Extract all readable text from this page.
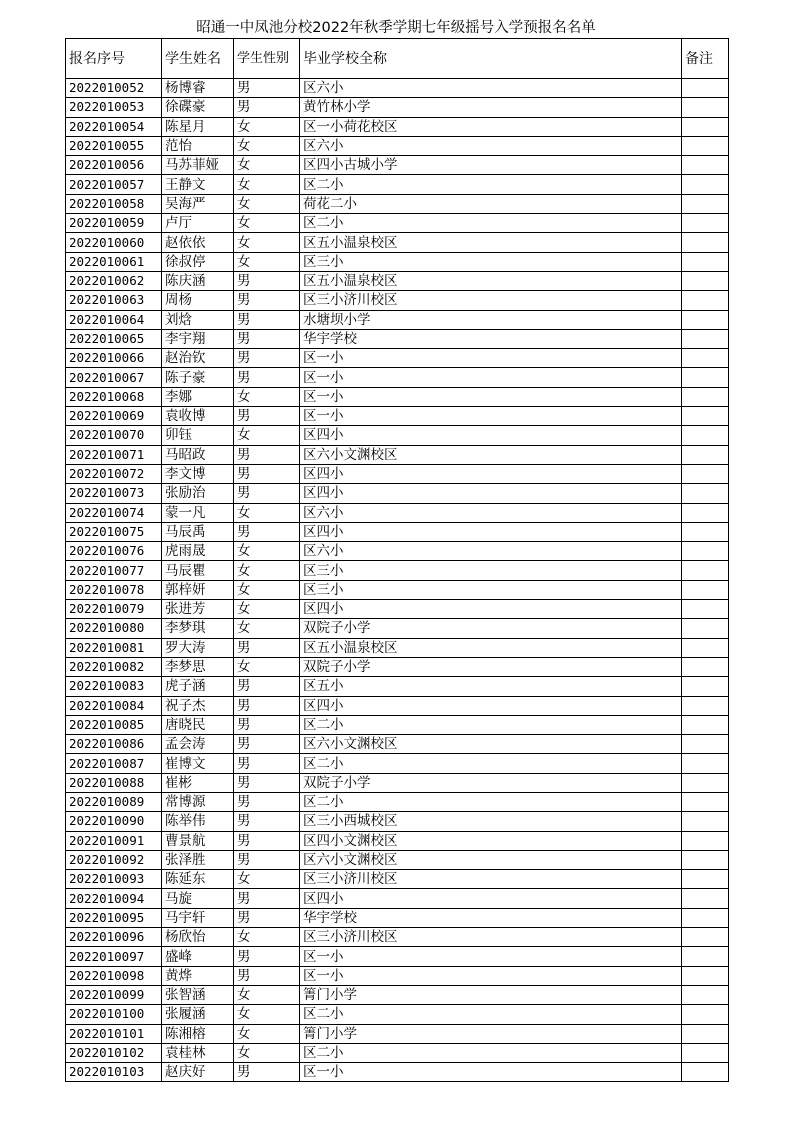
昭通一中凤池分校2022年秋季学期七年级摇号入学预报名名单
报名序号	学生姓名	学生性别	毕业学校全称	备注
2022010052	杨博睿	男	区六小	
2022010053	徐碟豪	男	黄竹林小学	
2022010054	陈星月	女	区一小荷花校区	
2022010055	范怡	女	区六小	
2022010056	马苏菲娅	女	区四小古城小学	
2022010057	王静文	女	区二小	
2022010058	吴海严	女	荷花二小	
2022010059	卢厅	女	区二小	
2022010060	赵依依	女	区五小温泉校区	
2022010061	徐叔停	女	区三小	
2022010062	陈庆涵	男	区五小温泉校区	
2022010063	周杨	男	区三小济川校区	
2022010064	刘焓	男	水塘坝小学	
2022010065	李宇翔	男	华宇学校	
2022010066	赵治钦	男	区一小	
2022010067	陈子豪	男	区一小	
2022010068	李娜	女	区一小	
2022010069	袁收博	男	区一小	
2022010070	卯钰	女	区四小	
2022010071	马昭政	男	区六小文渊校区	
2022010072	李文博	男	区四小	
2022010073	张励治	男	区四小	
2022010074	蒙一凡	女	区六小	
2022010075	马辰禹	男	区四小	
2022010076	虎雨晟	女	区六小	
2022010077	马辰瞿	女	区三小	
2022010078	郭梓妍	女	区三小	
2022010079	张进芳	女	区四小	
2022010080	李梦琪	女	双院子小学	
2022010081	罗大涛	男	区五小温泉校区	
2022010082	李梦思	女	双院子小学	
2022010083	虎子涵	男	区五小	
2022010084	祝子杰	男	区四小	
2022010085	唐晓民	男	区二小	
2022010086	孟会涛	男	区六小文渊校区	
2022010087	崔博文	男	区二小	
2022010088	崔彬	男	双院子小学	
2022010089	常博源	男	区二小	
2022010090	陈举伟	男	区三小西城校区	
2022010091	曹景航	男	区四小文渊校区	
2022010092	张泽胜	男	区六小文渊校区	
2022010093	陈延东	女	区三小济川校区	
2022010094	马旋	男	区四小	
2022010095	马宇轩	男	华宇学校	
2022010096	杨欣怡	女	区三小济川校区	
2022010097	盛峰	男	区一小	
2022010098	黄烨	男	区一小	
2022010099	张智涵	女	箐门小学	
2022010100	张履涵	女	区二小	
2022010101	陈湘榕	女	箐门小学	
2022010102	袁桂林	女	区二小	
2022010103	赵庆好	男	区一小	
